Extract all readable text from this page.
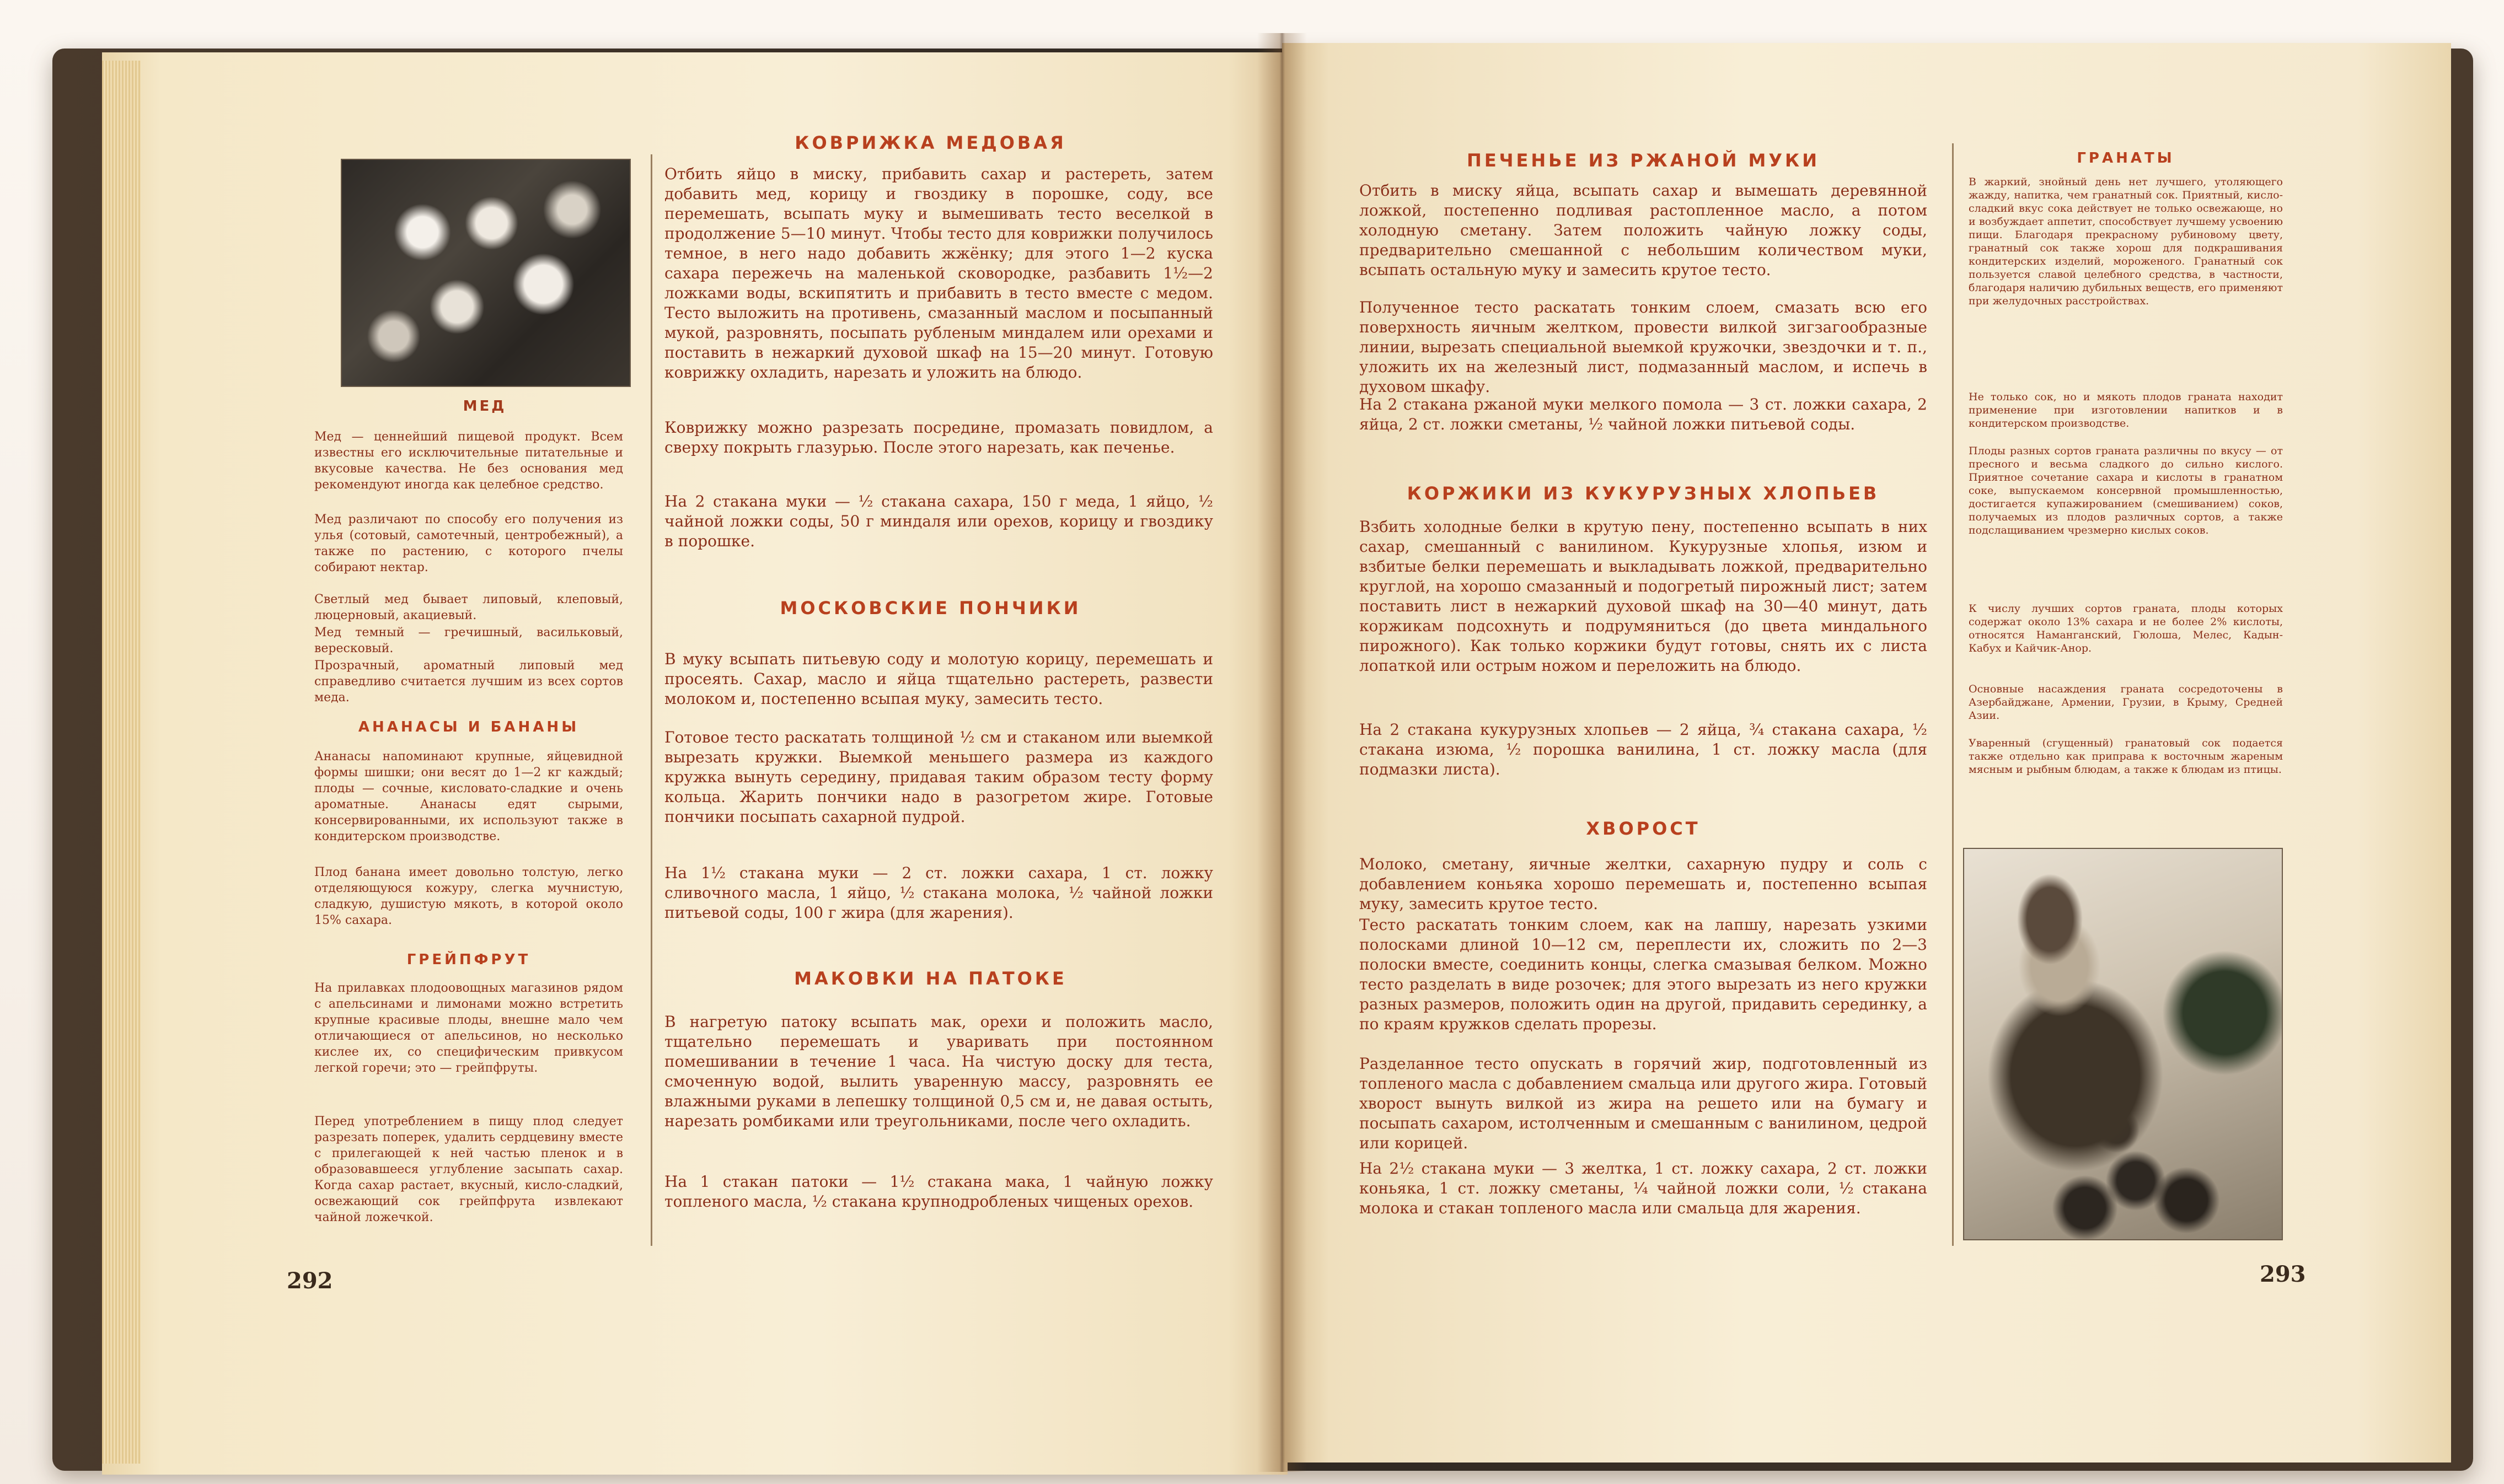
МЕД

Мед — ценнейший пищевой продукт. Всем известны его исключительные питательные и вкусовые качества. Не без основания мед рекомендуют иногда как целебное средство.

Мед различают по способу его получения из улья (сотовый, самотечный, центробежный), а также по растению, с которого пчелы собирают нектар.

Светлый мед бывает липовый, клеповый, люцерновый, акациевый.

Мед темный — гречишный, васильковый, вересковый.

Прозрачный, ароматный липовый мед справедливо считается лучшим из всех сортов меда.

АНАНАСЫ И БАНАНЫ

Ананасы напоминают крупные, яйцевидной формы шишки; они весят до 1—2 кг каждый; плоды — сочные, кисловато-сладкие и очень ароматные. Ананасы едят сырыми, консервированными, их используют также в кондитерском производстве.

Плод банана имеет довольно толстую, легко отделяющуюся кожуру, слегка мучнистую, сладкую, душистую мякоть, в которой около 15% сахара.

ГРЕЙПФРУТ

На прилавках плодоовощных магазинов рядом с апельсинами и лимонами можно встретить крупные красивые плоды, внешне мало чем отличающиеся от апельсинов, но несколько кислее их, со специфическим привкусом легкой горечи; это — грейпфруты.

Перед употреблением в пищу плод следует разрезать поперек, удалить сердцевину вместе с прилегающей к ней частью пленок и в образовавшееся углубление засыпать сахар. Когда сахар растает, вкусный, кисло-сладкий, освежающий сок грейпфрута извлекают чайной ложечкой.

КОВРИЖКА МЕДОВАЯ

Отбить яйцо в миску, прибавить сахар и растереть, затем добавить мед, корицу и гвоздику в порошке, соду, все перемешать, всыпать муку и вымешивать тесто веселкой в продолжение 5—10 минут. Чтобы тесто для коврижки получилось темное, в него надо добавить жжёнку; для этого 1—2 куска сахара пережечь на маленькой сковородке, разбавить 1½—2 ложками воды, вскипятить и прибавить в тесто вместе с медом. Тесто выложить на противень, смазанный маслом и посыпанный мукой, разровнять, посыпать рубленым миндалем или орехами и поставить в нежаркий духовой шкаф на 15—20 минут. Готовую коврижку охладить, нарезать и уложить на блюдо.

Коврижку можно разрезать посредине, промазать повидлом, а сверху покрыть глазурью. После этого нарезать, как печенье.

На 2 стакана муки — ½ стакана сахара, 150 г меда, 1 яйцо, ½ чайной ложки соды, 50 г миндаля или орехов, корицу и гвоздику в порошке.

МОСКОВСКИЕ ПОНЧИКИ

В муку всыпать питьевую соду и молотую корицу, перемешать и просеять. Сахар, масло и яйца тщательно растереть, развести молоком и, постепенно всыпая муку, замесить тесто.

Готовое тесто раскатать толщиной ½ см и стаканом или выемкой вырезать кружки. Выемкой меньшего размера из каждого кружка вынуть середину, придавая таким образом тесту форму кольца. Жарить пончики надо в разогретом жире. Готовые пончики посыпать сахарной пудрой.

На 1½ стакана муки — 2 ст. ложки сахара, 1 ст. ложку сливочного масла, 1 яйцо, ½ стакана молока, ½ чайной ложки питьевой соды, 100 г жира (для жарения).

МАКОВКИ НА ПАТОКЕ

В нагретую патоку всыпать мак, орехи и положить масло, тщательно перемешать и уваривать при постоянном помешивании в течение 1 часа. На чистую доску для теста, смоченную водой, вылить уваренную массу, разровнять ее влажными руками в лепешку толщиной 0,5 см и, не давая остыть, нарезать ромбиками или треугольниками, после чего охладить.

На 1 стакан патоки — 1½ стакана мака, 1 чайную ложку топленого масла, ½ стакана крупнодробленых чищеных орехов.

292

ПЕЧЕНЬЕ ИЗ РЖАНОЙ МУКИ

Отбить в миску яйца, всыпать сахар и вымешать деревянной ложкой, постепенно подливая растопленное масло, а потом холодную сметану. Затем положить чайную ложку соды, предварительно смешанной с небольшим количеством муки, всыпать остальную муку и замесить крутое тесто.

Полученное тесто раскатать тонким слоем, смазать всю его поверхность яичным желтком, провести вилкой зигзагообразные линии, вырезать специальной выемкой кружочки, звездочки и т. п., уложить их на железный лист, подмазанный маслом, и испечь в духовом шкафу.

На 2 стакана ржаной муки мелкого помола — 3 ст. ложки сахара, 2 яйца, 2 ст. ложки сметаны, ½ чайной ложки питьевой соды.

КОРЖИКИ ИЗ КУКУРУЗНЫХ ХЛОПЬЕВ

Взбить холодные белки в крутую пену, постепенно всыпать в них сахар, смешанный с ванилином. Кукурузные хлопья, изюм и взбитые белки перемешать и выкладывать ложкой, предварительно круглой, на хорошо смазанный и подогретый пирожный лист; затем поставить лист в нежаркий духовой шкаф на 30—40 минут, дать коржикам подсохнуть и подрумяниться (до цвета миндального пирожного). Как только коржики будут готовы, снять их с листа лопаткой или острым ножом и переложить на блюдо.

На 2 стакана кукурузных хлопьев — 2 яйца, ¾ стакана сахара, ½ стакана изюма, ½ порошка ванилина, 1 ст. ложку масла (для подмазки листа).

ХВОРОСТ

Молоко, сметану, яичные желтки, сахарную пудру и соль с добавлением коньяка хорошо перемешать и, постепенно всыпая муку, замесить крутое тесто.

Тесто раскатать тонким слоем, как на лапшу, нарезать узкими полосками длиной 10—12 см, переплести их, сложить по 2—3 полоски вместе, соединить концы, слегка смазывая белком. Можно тесто разделать в виде розочек; для этого вырезать из него кружки разных размеров, положить один на другой, придавить серединку, а по краям кружков сделать прорезы.

Разделанное тесто опускать в горячий жир, подготовленный из топленого масла с добавлением смальца или другого жира. Готовый хворост вынуть вилкой из жира на решето или на бумагу и посыпать сахаром, истолченным и смешанным с ванилином, цедрой или корицей.

На 2½ стакана муки — 3 желтка, 1 ст. ложку сахара, 2 ст. ложки коньяка, 1 ст. ложку сметаны, ¼ чайной ложки соли, ½ стакана молока и стакан топленого масла или смальца для жарения.

ГРАНАТЫ

В жаркий, знойный день нет лучшего, утоляющего жажду, напитка, чем гранатный сок. Приятный, кисло-сладкий вкус сока действует не только освежающе, но и возбуждает аппетит, способствует лучшему усвоению пищи. Благодаря прекрасному рубиновому цвету, гранатный сок также хорош для подкрашивания кондитерских изделий, мороженого. Гранатный сок пользуется славой целебного средства, в частности, благодаря наличию дубильных веществ, его применяют при желудочных расстройствах.

Не только сок, но и мякоть плодов граната находит применение при изготовлении напитков и в кондитерском производстве.

Плоды разных сортов граната различны по вкусу — от пресного и весьма сладкого до сильно кислого. Приятное сочетание сахара и кислоты в гранатном соке, выпускаемом консервной промышленностью, достигается купажированием (смешиванием) соков, получаемых из плодов различных сортов, а также подслащиванием чрезмерно кислых соков.

К числу лучших сортов граната, плоды которых содержат около 13% сахара и не более 2% кислоты, относятся Наманганский, Гюлоша, Мелес, Кадын-Кабух и Кайчик-Анор.

Основные насаждения граната сосредоточены в Азербайджане, Армении, Грузии, в Крыму, Средней Азии.

Уваренный (сгущенный) гранатовый сок подается также отдельно как приправа к восточным жареным мясным и рыбным блюдам, а также к блюдам из птицы.

293
